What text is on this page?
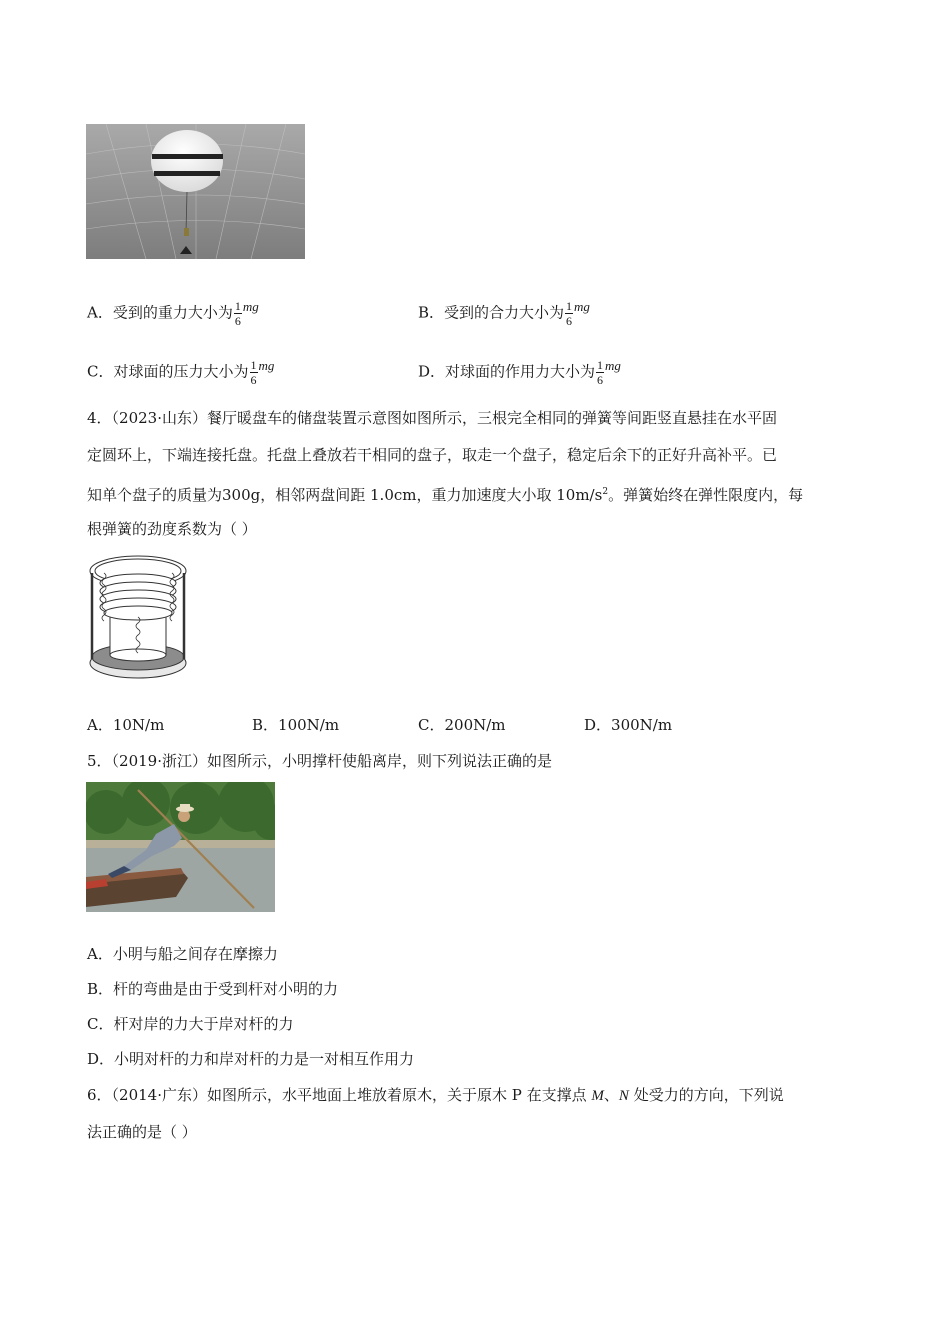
A．受到的重力大小为 $\frac{1}{6}$ mg	B．受到的合力大小为 $\frac{1}{6}$ mg
C．对球面的压力大小为 $\frac{1}{6}$ mg	D．对球面的作用力大小为 $\frac{1}{6}$ mg
4．（2023·山东）餐厅暖盘车的储盘装置示意图如图所示，三根完全相同的弹簧等间距竖直悬挂在水平固
定圆环上，下端连接托盘。托盘上叠放若干相同的盘子，取走一个盘子，稳定后余下的正好升高补平。已
知单个盘子的质量为300g，相邻两盘间距 1.0cm，重力加速度大小取 $10m/s^2$。弹簧始终在弹性限度内，每
根弹簧的劲度系数为（ ）
A．10N/m	B．100N/m	C．200N/m	D．300N/m
5．（2019·浙江）如图所示，小明撑杆使船离岸，则下列说法正确的是
A．小明与船之间存在摩擦力
B．杆的弯曲是由于受到杆对小明的力
C．杆对岸的力大于岸对杆的力
D．小明对杆的力和岸对杆的力是一对相互作用力
6．（2014·广东）如图所示，水平地面上堆放着原木，关于原木 P 在支撑点 M、N 处受力的方向，下列说
法正确的是（ ）
